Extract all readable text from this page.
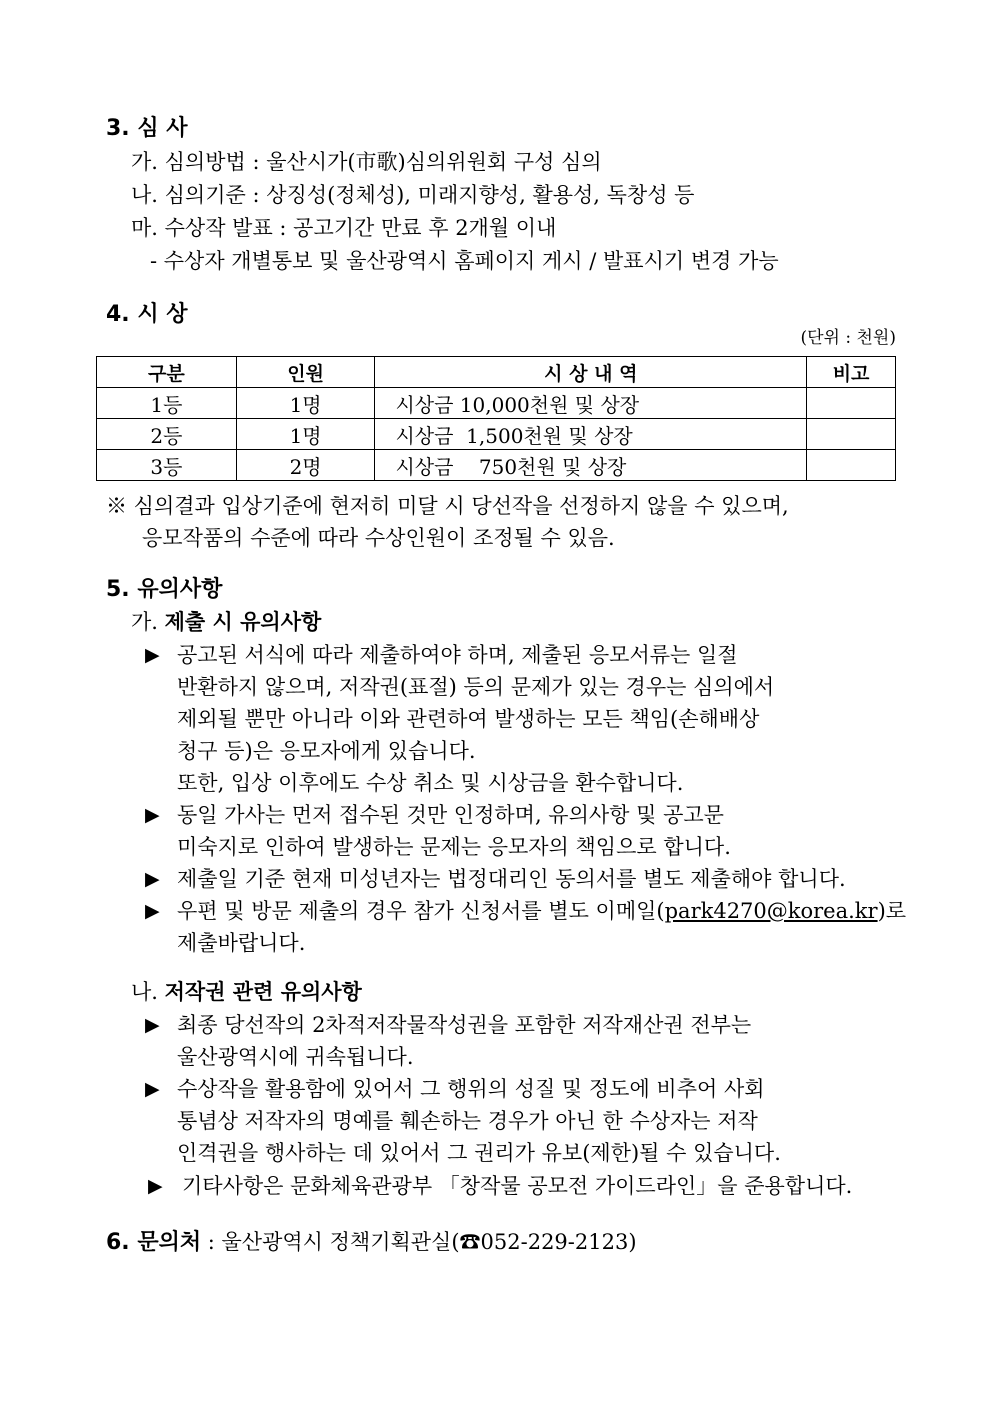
3. 심 사
가. 심의방법 : 울산시가(市歌)심의위원회 구성 심의
나. 심의기준 : 상징성(정체성), 미래지향성, 활용성, 독창성 등
마. 수상작 발표 : 공고기간 만료 후 2개월 이내
- 수상자 개별통보 및 울산광역시 홈페이지 게시 / 발표시기 변경 가능
4. 시 상
(단위 : 천원)
구분	인원	시 상 내 역	비고
1등	1명	시상금 10,000천원 및 상장	
2등	1명	시상금  1,500천원 및 상장	
3등	2명	시상금    750천원 및 상장	
※ 심의결과 입상기준에 현저히 미달 시 당선작을 선정하지 않을 수 있으며,
응모작품의 수준에 따라 수상인원이 조정될 수 있음.
5. 유의사항
가. 제출 시 유의사항
▶ 공고된 서식에 따라 제출하여야 하며, 제출된 응모서류는 일절
반환하지 않으며, 저작권(표절) 등의 문제가 있는 경우는 심의에서
제외될 뿐만 아니라 이와 관련하여 발생하는 모든 책임(손해배상
청구 등)은 응모자에게 있습니다.
또한, 입상 이후에도 수상 취소 및 시상금을 환수합니다.
▶ 동일 가사는 먼저 접수된 것만 인정하며, 유의사항 및 공고문
미숙지로 인하여 발생하는 문제는 응모자의 책임으로 합니다.
▶ 제출일 기준 현재 미성년자는 법정대리인 동의서를 별도 제출해야 합니다.
▶ 우편 및 방문 제출의 경우 참가 신청서를 별도 이메일(park4270@korea.kr)로
제출바랍니다.
나. 저작권 관련 유의사항
▶ 최종 당선작의 2차적저작물작성권을 포함한 저작재산권 전부는
울산광역시에 귀속됩니다.
▶ 수상작을 활용함에 있어서 그 행위의 성질 및 정도에 비추어 사회
통념상 저작자의 명예를 훼손하는 경우가 아닌 한 수상자는 저작
인격권을 행사하는 데 있어서 그 권리가 유보(제한)될 수 있습니다.
▶ 기타사항은 문화체육관광부 「창작물 공모전 가이드라인」을 준용합니다.
6. 문의처 : 울산광역시 정책기획관실(☎052-229-2123)
